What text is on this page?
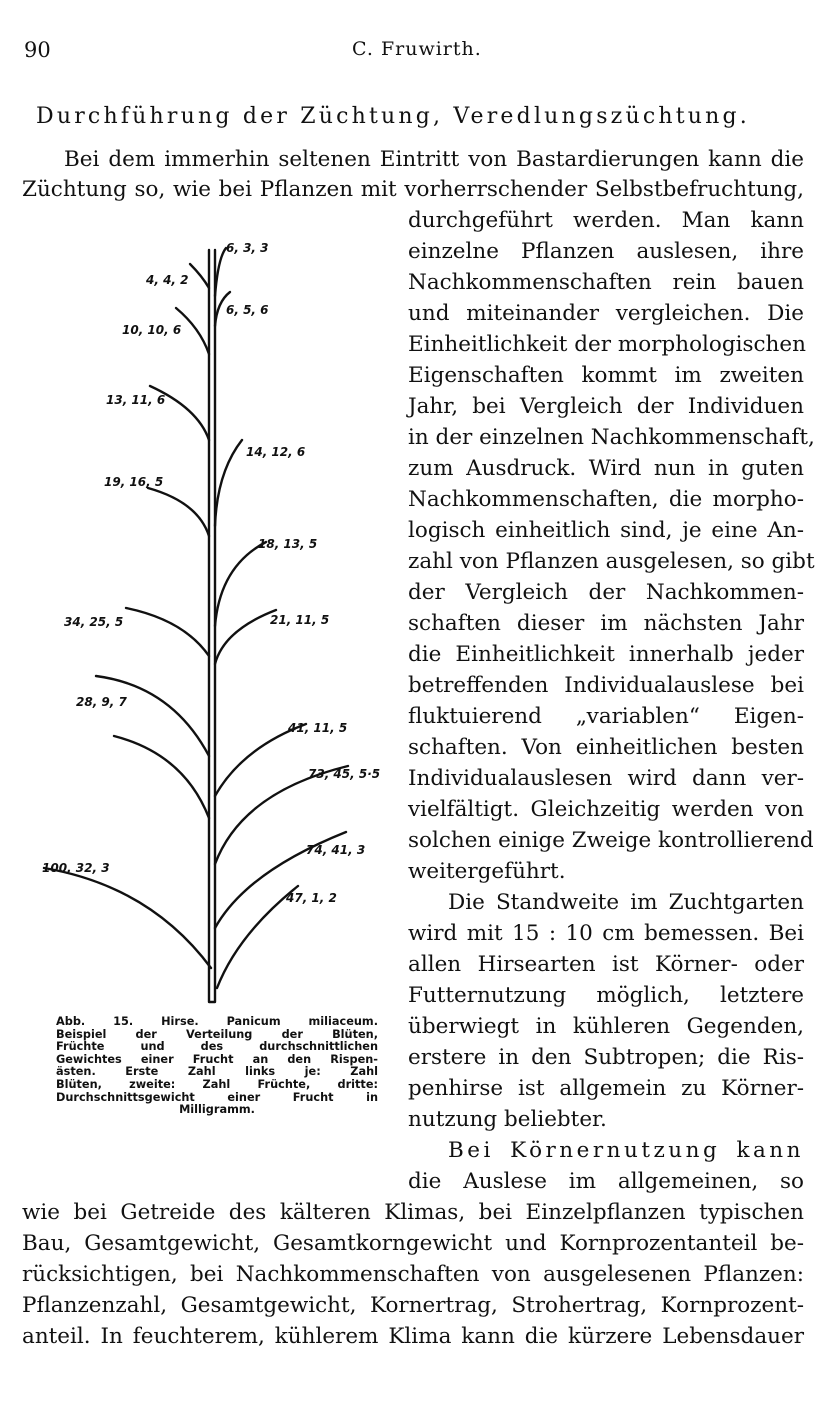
90	C. Fruwirth.
Durchführung der Züchtung, Veredlungszüchtung.
Bei dem immerhin seltenen Eintritt von Bastardierungen kann die
Züchtung so, wie bei Pflanzen mit vorherrschender Selbstbefruchtung,
durchgeführt werden. Man kann
einzelne Pflanzen auslesen, ihre
Nachkommenschaften rein bauen
und miteinander vergleichen. Die
Einheitlichkeit der morphologischen
Eigenschaften kommt im zweiten
Jahr, bei Vergleich der Individuen
in der einzelnen Nachkommenschaft,
zum Ausdruck. Wird nun in guten
Nachkommenschaften, die morpho-
logisch einheitlich sind, je eine An-
zahl von Pflanzen ausgelesen, so gibt
der Vergleich der Nachkommen-
schaften dieser im nächsten Jahr
die Einheitlichkeit innerhalb jeder
betreffenden Individualauslese bei
fluktuierend „variablen“ Eigen-
schaften. Von einheitlichen besten
Individualauslesen wird dann ver-
vielfältigt. Gleichzeitig werden von
solchen einige Zweige kontrollierend
weitergeführt.
Die Standweite im Zuchtgarten
wird mit 15 : 10 cm bemessen. Bei
allen Hirsearten ist Körner- oder
Futternutzung möglich, letztere
überwiegt in kühleren Gegenden,
erstere in den Subtropen; die Ris-
penhirse ist allgemein zu Körner-
nutzung beliebter.
Bei Körnernutzung kann
die Auslese im allgemeinen, so
wie bei Getreide des kälteren Klimas, bei Einzelpflanzen typischen
Bau, Gesamtgewicht, Gesamtkorngewicht und Kornprozentanteil be-
rücksichtigen, bei Nachkommenschaften von ausgelesenen Pflanzen:
Pflanzenzahl, Gesamtgewicht, Kornertrag, Strohertrag, Kornprozent-
anteil. In feuchterem, kühlerem Klima kann die kürzere Lebensdauer
6, 3, 3
4, 4, 2
6, 5, 6
10, 10, 6
13, 11, 6
14, 12, 6
19, 16, 5
18, 13, 5
34, 25, 5	21, 11, 5
28, 9, 7
41, 11, 5
73, 45, 5·5
74, 41, 3
100, 32, 3
47, 1, 2
Abb. 15. Hirse. Panicum miliaceum.
Beispiel der Verteilung der Blüten,
Früchte und des durchschnittlichen
Gewichtes einer Frucht an den Rispen-
ästen. Erste Zahl links je: Zahl
Blüten, zweite: Zahl Früchte, dritte:
Durchschnittsgewicht einer Frucht in
Milligramm.
